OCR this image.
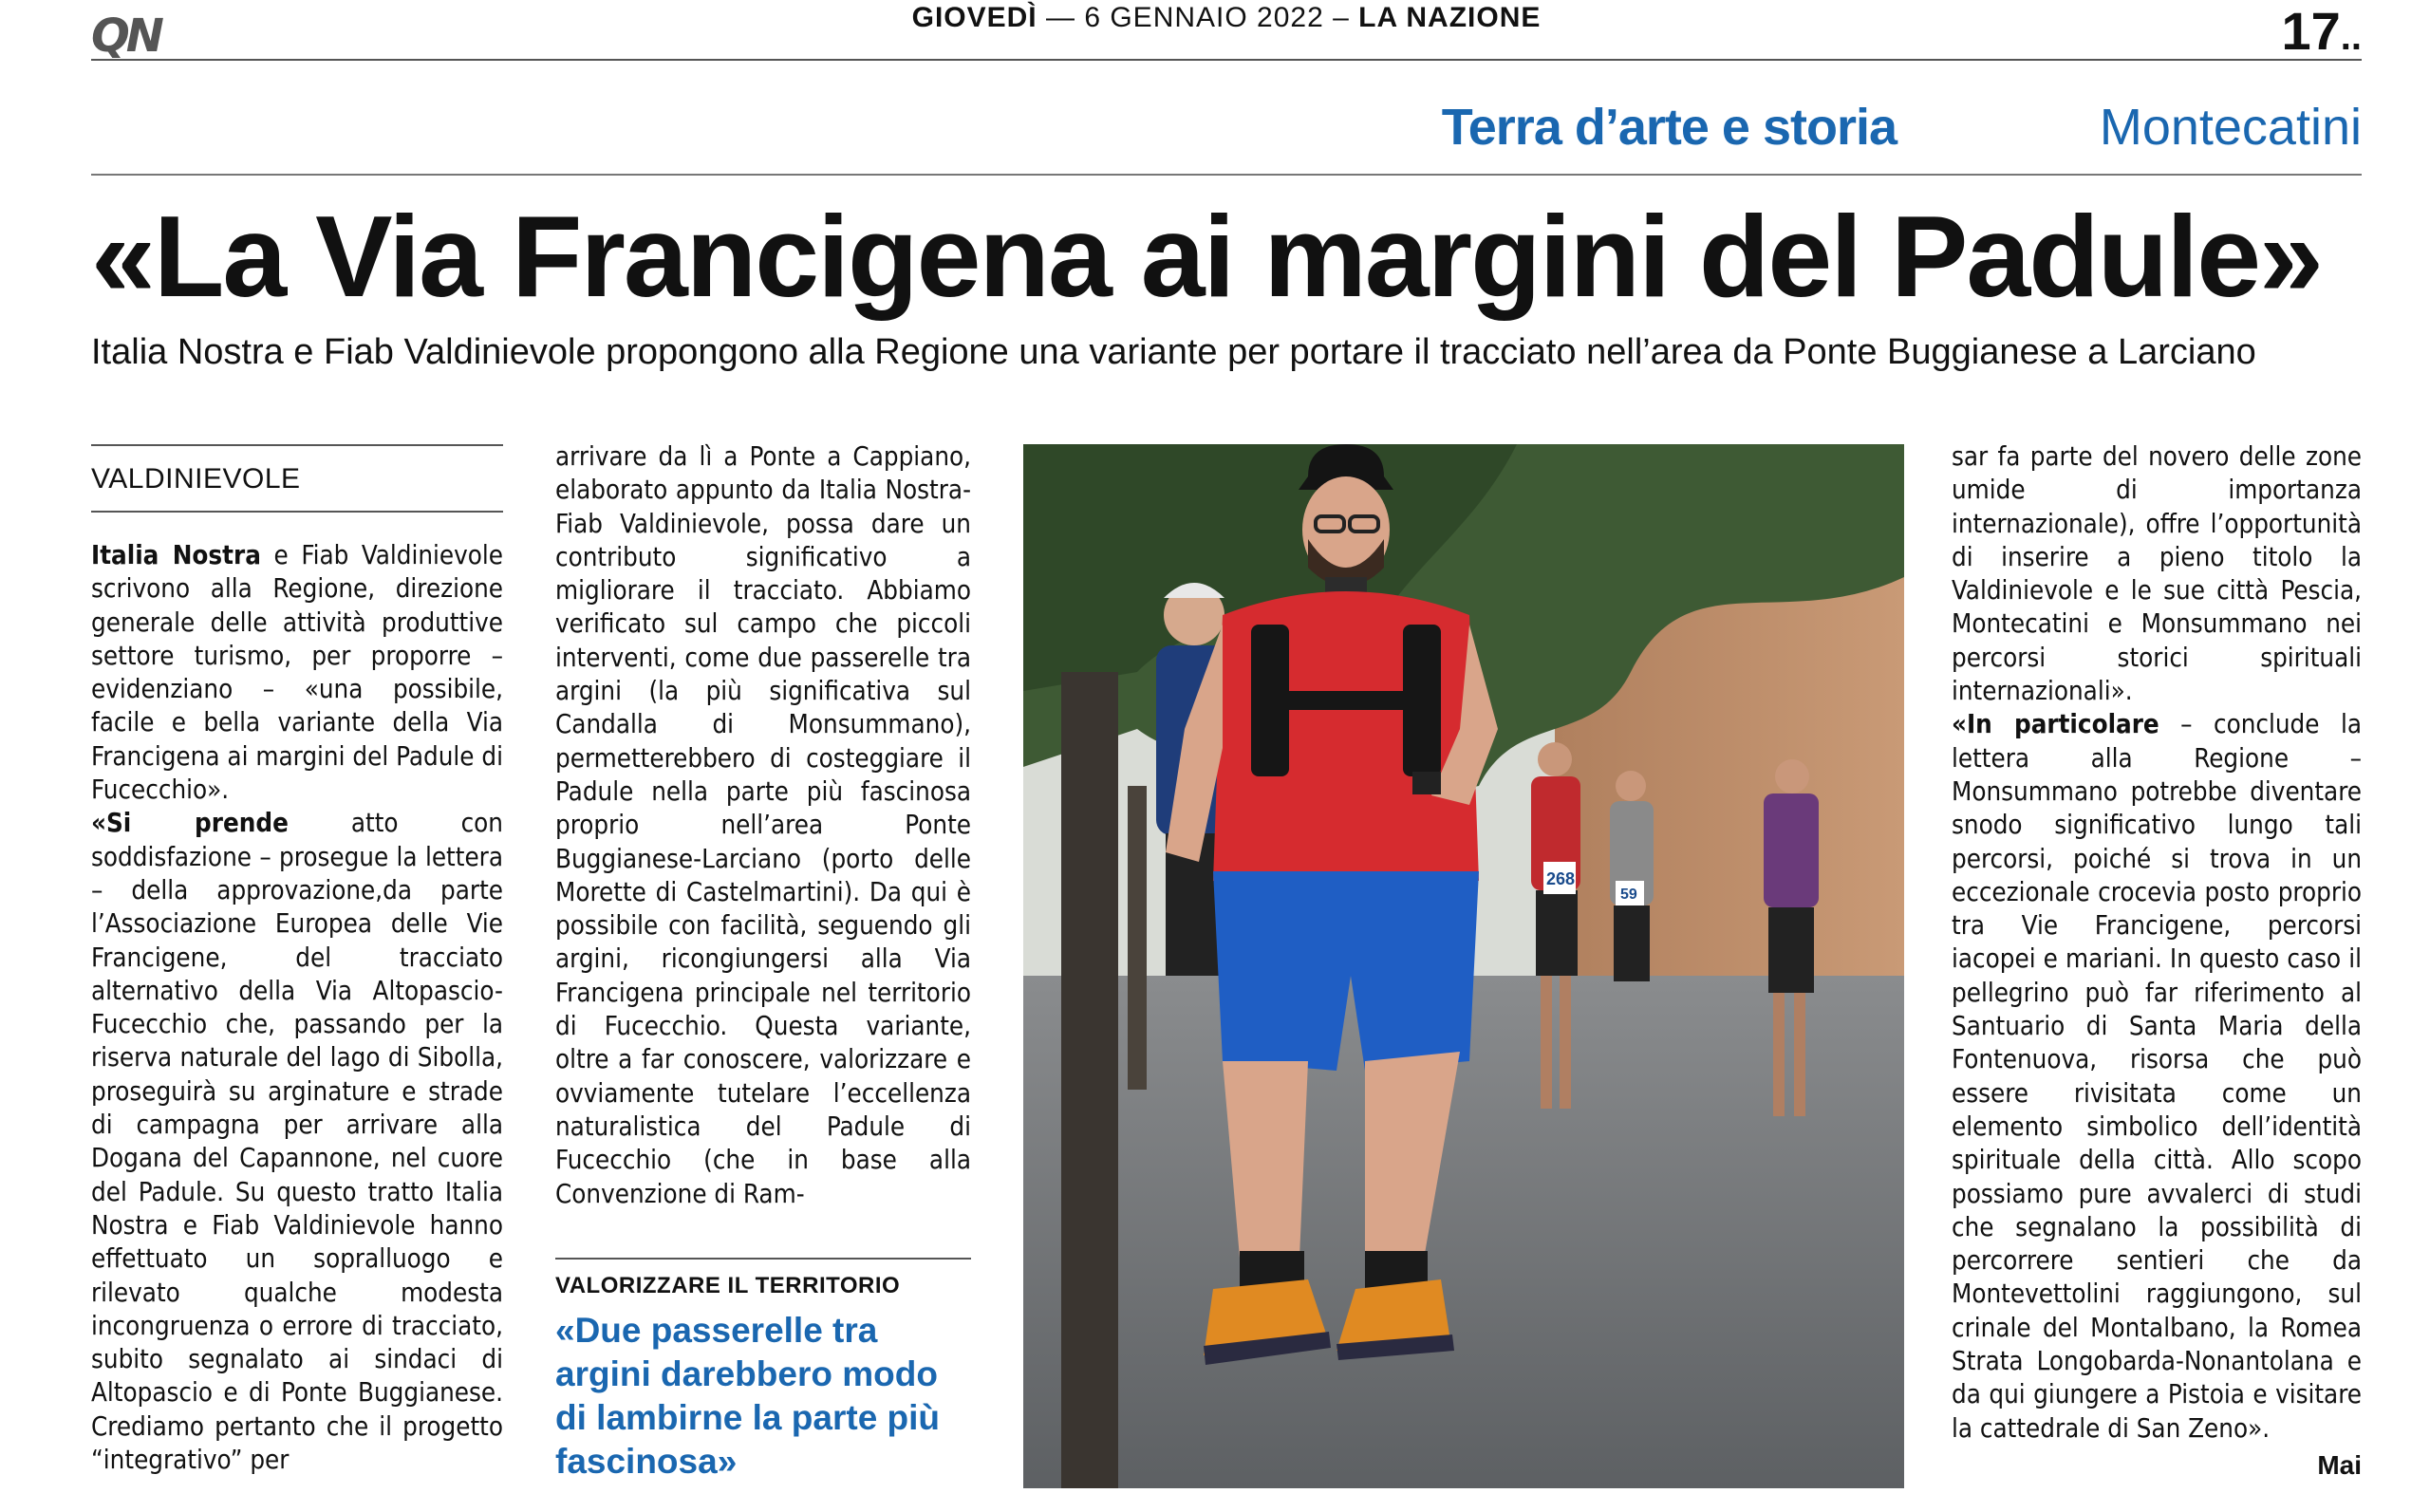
QN	GIOVEDÌ — 6 GENNAIO 2022 – LA NAZIONE	17..
Terra d’arte e storia	Montecatini
«La Via Francigena ai margini del Padule»
Italia Nostra e Fiab Valdinievole propongono alla Regione una variante per portare il tracciato nell’area da Ponte Buggianese a Larciano
VALDINIEVOLE

Italia Nostra e Fiab Valdinievole scrivono alla Regione, direzione generale delle attività produttive settore turismo, per proporre – evidenziano – «una possibile, facile e bella variante della Via Francigena ai margini del Padule di Fucecchio».

«Si prende atto con soddisfazione – prosegue la lettera – della approvazione,da parte l’Associazione Europea delle Vie Francigene, del tracciato alternativo della Via Altopascio-Fucecchio che, passando per la riserva naturale del lago di Sibolla, proseguirà su arginature e strade di campagna per arrivare alla Dogana del Capannone, nel cuore del Padule. Su questo tratto Italia Nostra e Fiab Valdinievole hanno effettuato un sopralluogo e rilevato qualche modesta incongruenza o errore di tracciato, subito segnalato ai sindaci di Altopascio e di Ponte Buggianese. Crediamo pertanto che il progetto “integrativo” per

arrivare da lì a Ponte a Cappiano, elaborato appunto da Italia Nostra-Fiab Valdinievole, possa dare un contributo significativo a migliorare il tracciato. Abbiamo verificato sul campo che piccoli interventi, come due passerelle tra argini (la più significativa sul Candalla di Monsummano), permetterebbero di costeggiare il Padule nella parte più fascinosa proprio nell’area Ponte Buggianese-Larciano (porto delle Morette di Castelmartini). Da qui è possibile con facilità, seguendo gli argini, ricongiungersi alla Via Francigena principale nel territorio di Fucecchio. Questa variante, oltre a far conoscere, valorizzare e ovviamente tutelare l’eccellenza naturalistica del Padule di Fucecchio (che in base alla Convenzione di Ram-

VALORIZZARE IL TERRITORIO
«Due passerelle tra argini darebbero modo di lambirne la parte più fascinosa»
268
59

sar fa parte del novero delle zone umide di importanza internazionale), offre l’opportunità di inserire a pieno titolo la Valdinievole e le sue città Pescia, Montecatini e Monsummano nei percorsi storici spirituali internazionali».

«In particolare – conclude la lettera alla Regione – Monsummano potrebbe diventare snodo significativo lungo tali percorsi, poiché si trova in un eccezionale crocevia posto proprio tra Vie Francigene, percorsi iacopei e mariani. In questo caso il pellegrino può far riferimento al Santuario di Santa Maria della Fontenuova, risorsa che può essere rivisitata come un elemento simbolico dell’identità spirituale della città. Allo scopo possiamo pure avvalerci di studi che segnalano la possibilità di percorrere sentieri che da Montevettolini raggiungono, sul crinale del Montalbano, la Romea Strata Longobarda-Nonantolana e da qui giungere a Pistoia e visitare la cattedrale di San Zeno».

Mai
